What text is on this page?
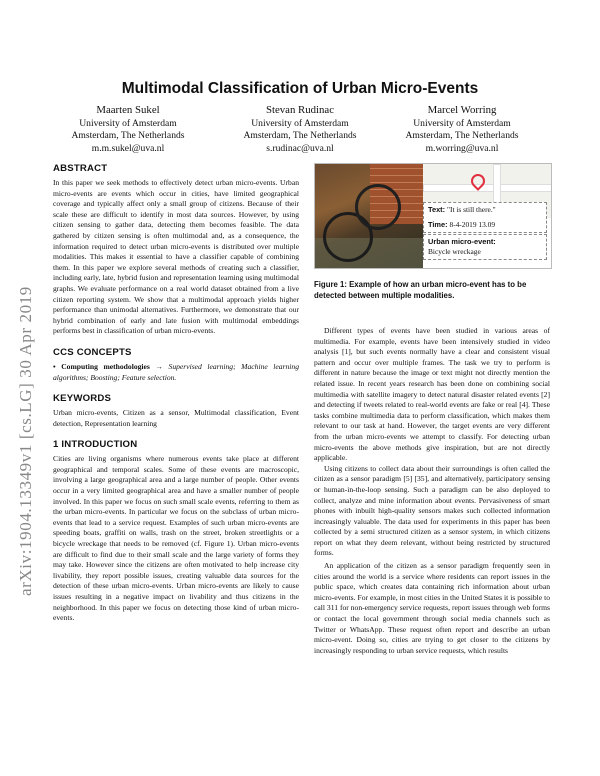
arXiv:1904.13349v1 [cs.LG] 30 Apr 2019
Multimodal Classification of Urban Micro-Events
Maarten Sukel
University of Amsterdam
Amsterdam, The Netherlands
m.m.sukel@uva.nl
Stevan Rudinac
University of Amsterdam
Amsterdam, The Netherlands
s.rudinac@uva.nl
Marcel Worring
University of Amsterdam
Amsterdam, The Netherlands
m.worring@uva.nl
ABSTRACT

In this paper we seek methods to effectively detect urban micro-events. Urban micro-events are events which occur in cities, have limited geographical coverage and typically affect only a small group of citizens. Because of their scale these are difficult to identify in most data sources. However, by using citizen sensing to gather data, detecting them becomes feasible. The data gathered by citizen sensing is often multimodal and, as a consequence, the information required to detect urban micro-events is distributed over multiple modalities. This makes it essential to have a classifier capable of combining them. In this paper we explore several methods of creating such a classifier, including early, late, hybrid fusion and representation learning using multimodal graphs. We evaluate performance on a real world dataset obtained from a live citizen reporting system. We show that a multimodal approach yields higher performance than unimodal alternatives. Furthermore, we demonstrate that our hybrid combination of early and late fusion with multimodal embeddings performs best in classification of urban micro-events.

CCS CONCEPTS

• Computing methodologies → Supervised learning; Machine learning algorithms; Boosting; Feature selection.

KEYWORDS

Urban micro-events, Citizen as a sensor, Multimodal classification, Event detection, Representation learning

1 INTRODUCTION

Cities are living organisms where numerous events take place at different geographical and temporal scales. Some of these events are macroscopic, involving a large geographical area and a large number of people. Other events occur in a very limited geographical area and have a smaller number of people involved. In this paper we focus on such small scale events, referring to them as the urban micro-events. In particular we focus on the subclass of urban micro-events that lead to a service request. Examples of such urban micro-events are speeding boats, graffiti on walls, trash on the street, broken streetlights or a bicycle wreckage that needs to be removed (cf. Figure 1). Urban micro-events are difficult to find due to their small scale and the large variety of forms they may take. However since the citizens are often motivated to help increase city livability, they report possible issues, creating valuable data sources for the detection of these urban micro-events. Urban micro-events are likely to cause issues resulting in a negative impact on livability and thus citizens in the neighborhood. In this paper we focus on detecting those kind of urban micro-events.

Text: "It is still there."
Time: 8-4-2019 13.09
Urban micro-event:
Bicycle wreckage
Figure 1: Example of how an urban micro-event has to be detected between multiple modalities.

Different types of events have been studied in various areas of multimedia. For example, events have been intensively studied in video analysis [1], but such events normally have a clear and consistent visual pattern and occur over multiple frames. The task we try to perform is different in nature because the image or text might not directly mention the related issue. In recent years research has been done on combining social multimedia with satellite imagery to detect natural disaster related events [2] and detecting if tweets related to real-world events are fake or real [4]. These tasks combine multimedia data to perform classification, which makes them relevant to our task at hand. However, the target events are very different from the urban micro-events we attempt to classify. For detecting urban micro-events the above methods give inspiration, but are not directly applicable.

Using citizens to collect data about their surroundings is often called the citizen as a sensor paradigm [5] [35], and alternatively, participatory sensing or human-in-the-loop sensing. Such a paradigm can be also deployed to collect, analyze and mine information about events. Pervasiveness of smart phones with inbuilt high-quality sensors makes such collected information increasingly valuable. The data used for experiments in this paper has been collected by a semi structured citizen as a sensor system, in which citizens report on what they deem relevant, without being restricted by structured forms.

An application of the citizen as a sensor paradigm frequently seen in cities around the world is a service where residents can report issues in the public space, which creates data containing rich information about urban micro-events. For example, in most cities in the United States it is possible to call 311 for non-emergency service requests, report issues through web forms or contact the local government through social media channels such as Twitter or WhatsApp. These request often report and describe an urban micro-event. Doing so, cities are trying to get closer to the citizens by increasingly responding to urban service requests, which results
